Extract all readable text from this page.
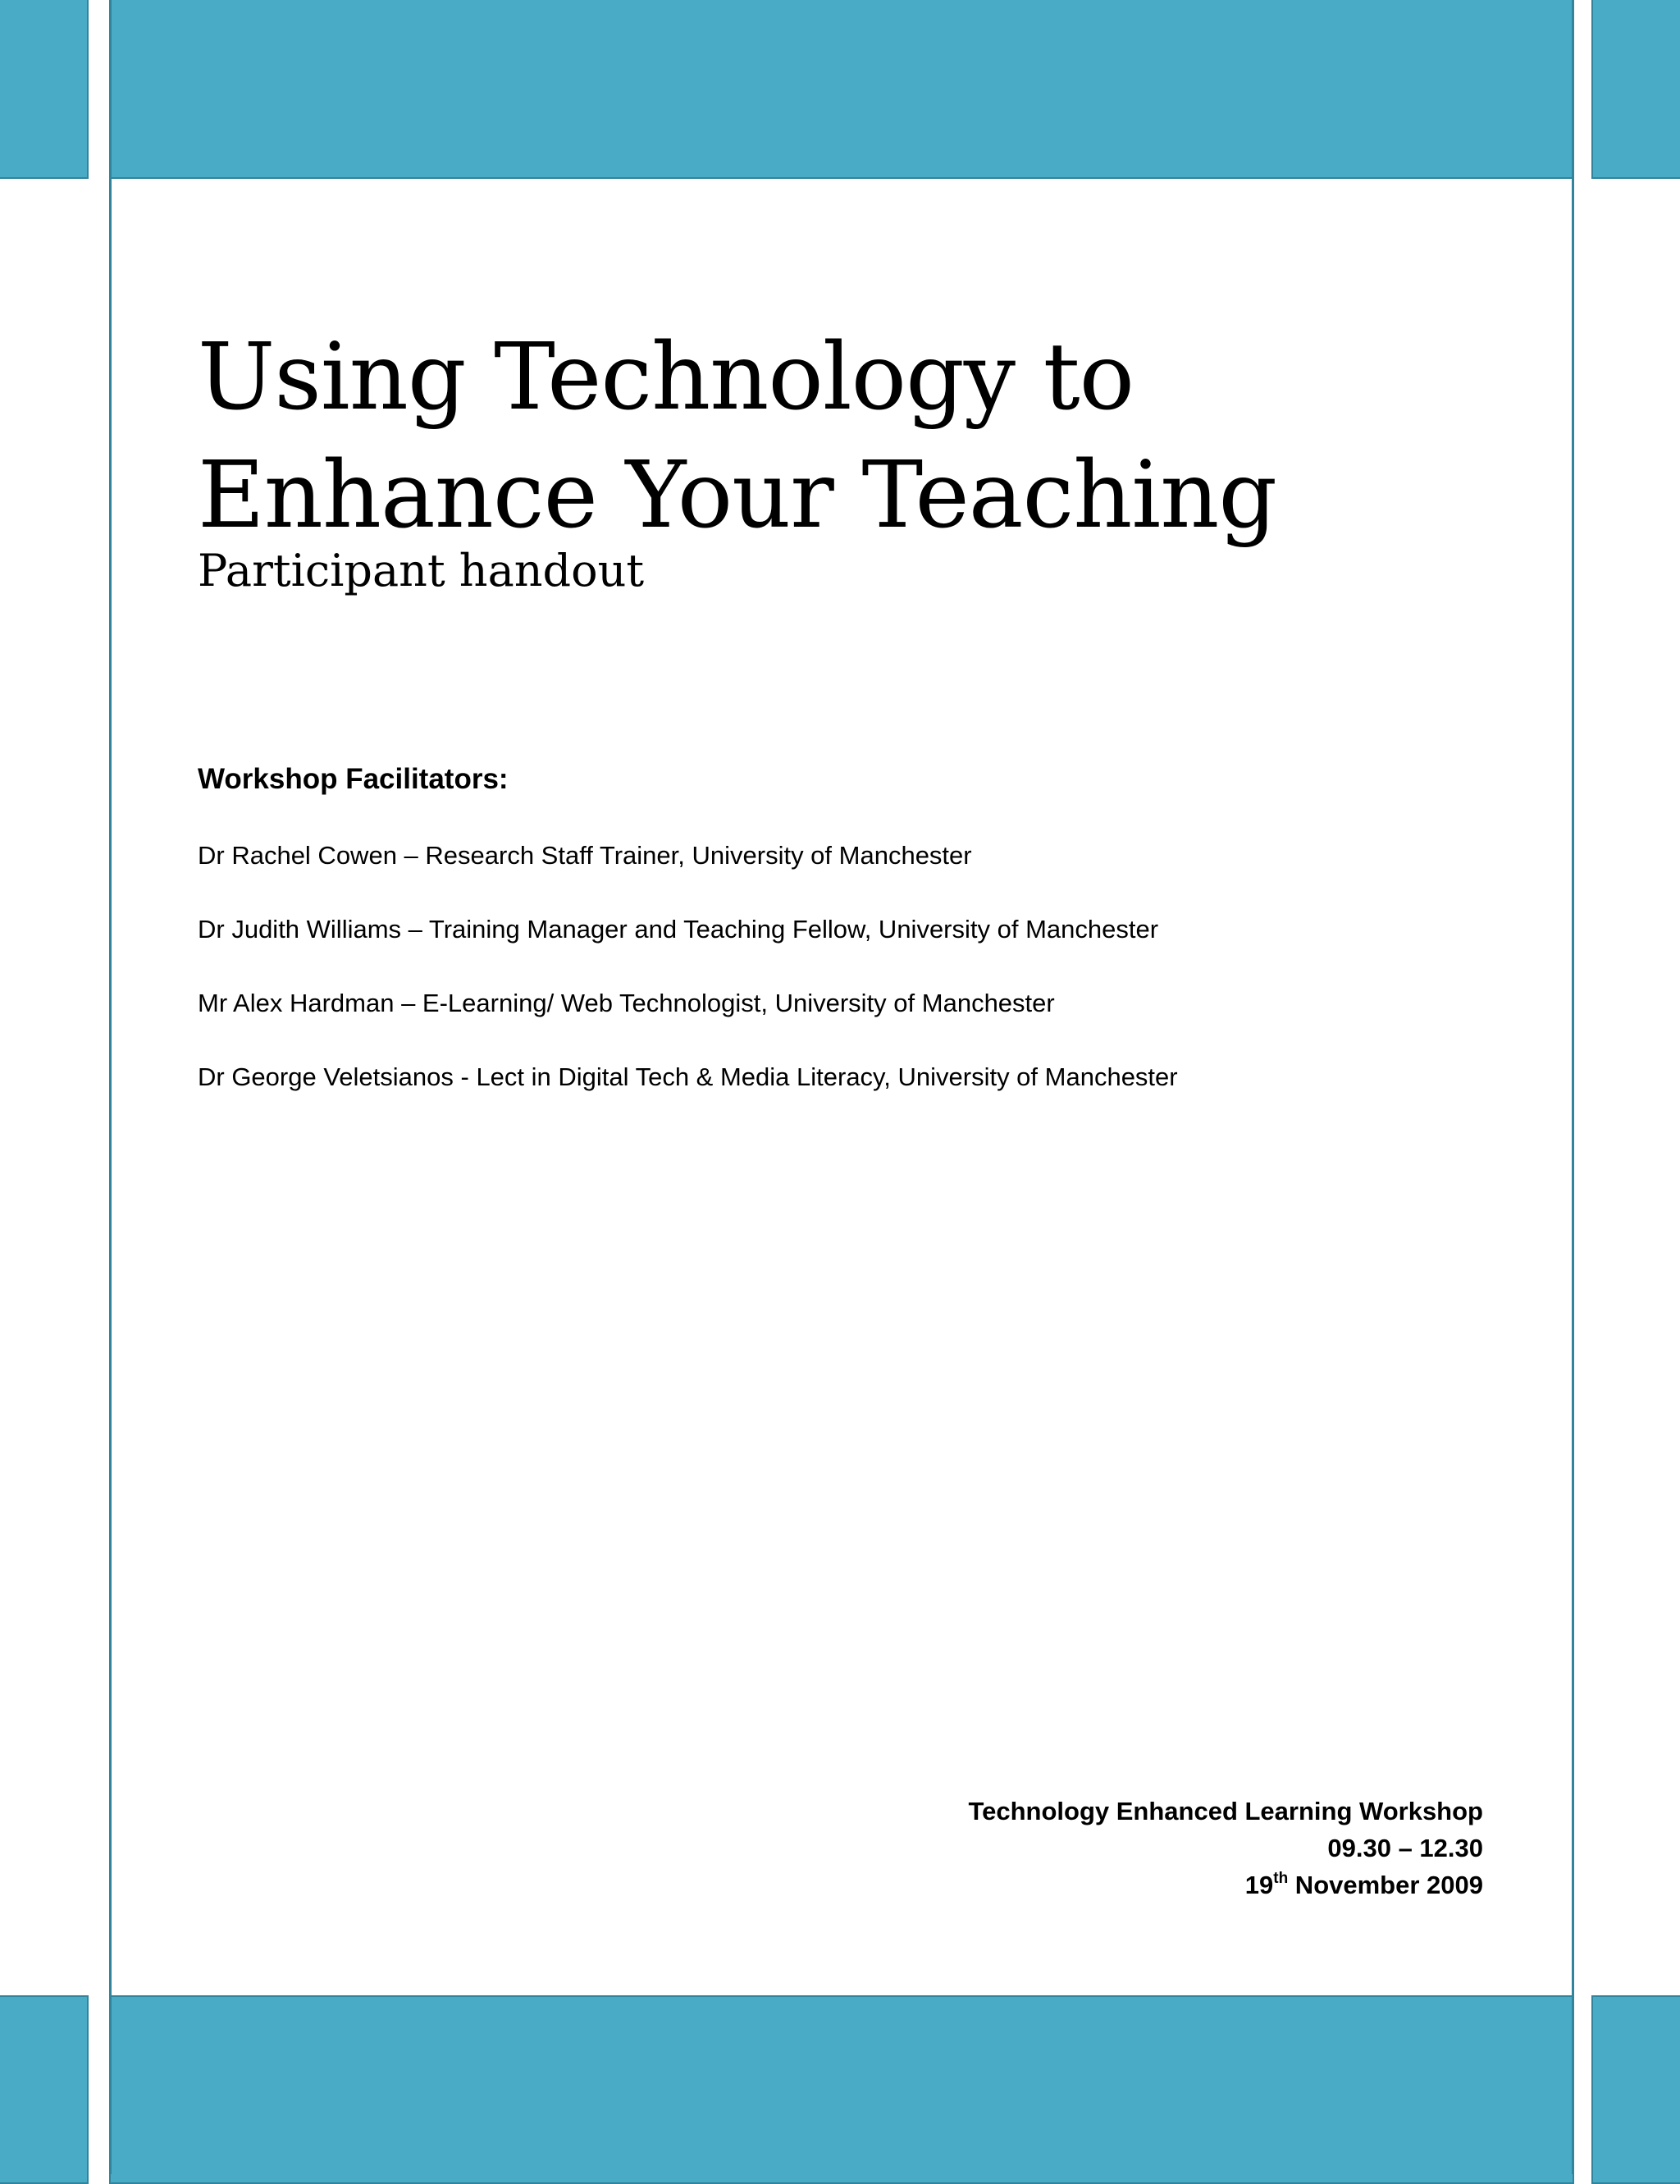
Using Technology to Enhance Your Teaching
Participant handout
Workshop Facilitators:
Dr Rachel Cowen – Research Staff Trainer, University of Manchester
Dr Judith Williams – Training Manager and Teaching Fellow, University of Manchester
Mr Alex Hardman – E-Learning/ Web Technologist, University of Manchester
Dr George Veletsianos - Lect in Digital Tech & Media Literacy, University of Manchester
Technology Enhanced Learning Workshop
09.30 – 12.30
19th November 2009
